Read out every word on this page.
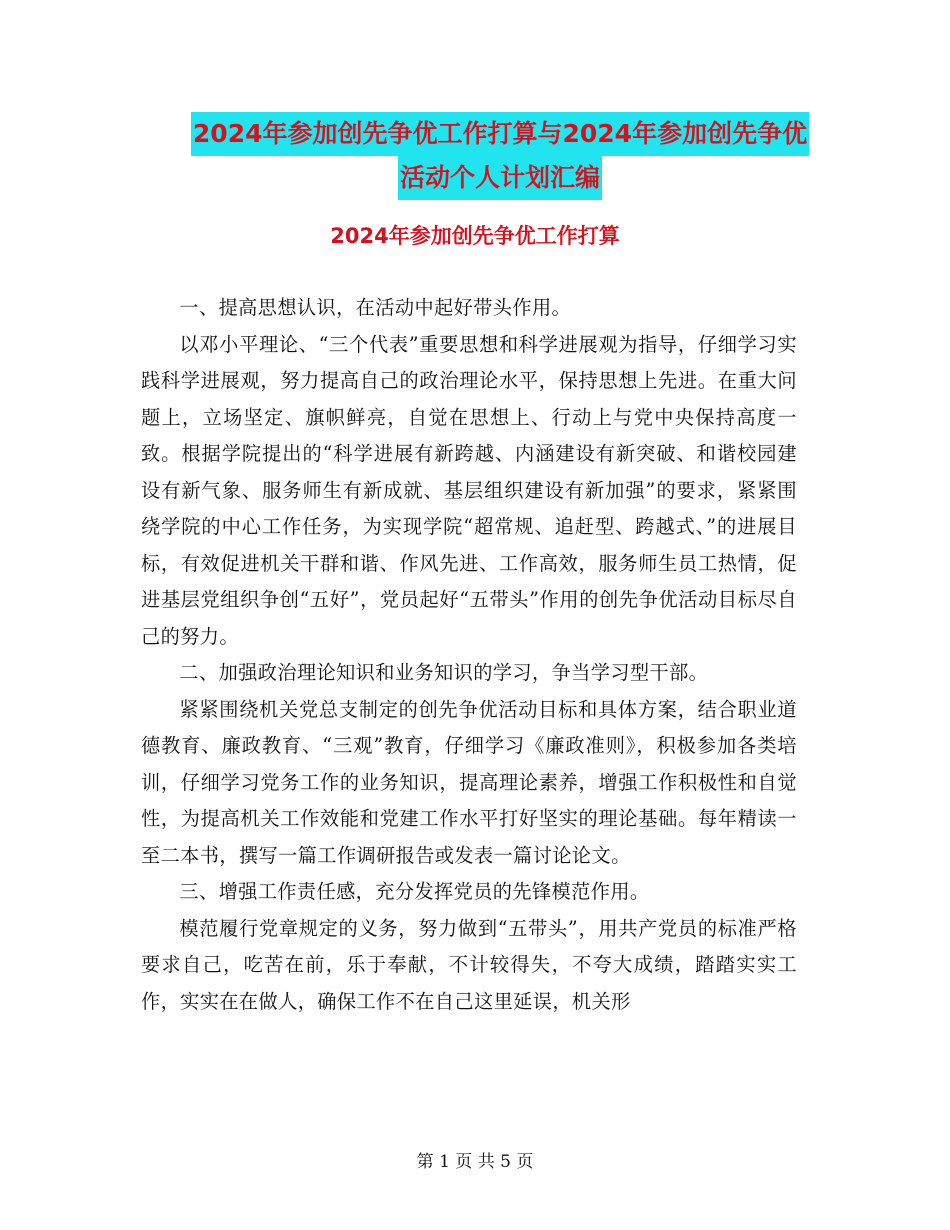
2024年参加创先争优工作打算与2024年参加创先争优
活动个人计划汇编
2024年参加创先争优工作打算

一、提高思想认识，在活动中起好带头作用。

以邓小平理论、“三个代表”重要思想和科学进展观为指导，仔细学习实践科学进展观，努力提高自己的政治理论水平，保持思想上先进。在重大问题上，立场坚定、旗帜鲜亮，自觉在思想上、行动上与党中央保持高度一致。根据学院提出的“科学进展有新跨越、内涵建设有新突破、和谐校园建设有新气象、服务师生有新成就、基层组织建设有新加强”的要求，紧紧围绕学院的中心工作任务，为实现学院“超常规、追赶型、跨越式、”的进展目标，有效促进机关干群和谐、作风先进、工作高效，服务师生员工热情，促进基层党组织争创“五好”，党员起好“五带头”作用的创先争优活动目标尽自己的努力。

二、加强政治理论知识和业务知识的学习，争当学习型干部。

紧紧围绕机关党总支制定的创先争优活动目标和具体方案，结合职业道德教育、廉政教育、“三观”教育，仔细学习《廉政准则》，积极参加各类培训，仔细学习党务工作的业务知识，提高理论素养，增强工作积极性和自觉性，为提高机关工作效能和党建工作水平打好坚实的理论基础。每年精读一至二本书，撰写一篇工作调研报告或发表一篇讨论论文。

三、增强工作责任感，充分发挥党员的先锋模范作用。

模范履行党章规定的义务，努力做到“五带头”，用共产党员的标准严格要求自己，吃苦在前，乐于奉献，不计较得失，不夸大成绩，踏踏实实工作，实实在在做人，确保工作不在自己这里延误，机关形

第 1 页 共 5 页
